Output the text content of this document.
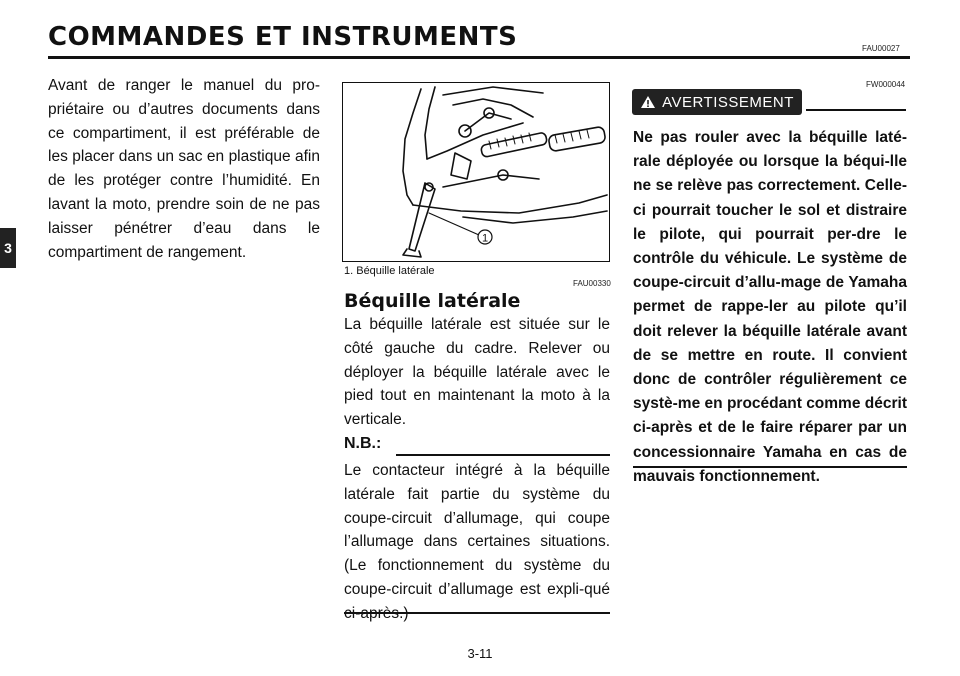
COMMANDES ET INSTRUMENTS	FAU00027
3
Avant de ranger le manuel du pro-priétaire ou d’autres documents dans ce compartiment, il est préférable de les placer dans un sac en plastique afin de les protéger contre l’humidité. En lavant la moto, prendre soin de ne pas laisser pénétrer d’eau dans le compartiment de rangement.
1
1. Béquille latérale
FAU00330
Béquille latérale
La béquille latérale est située sur le côté gauche du cadre. Relever ou déployer la béquille latérale avec le pied tout en maintenant la moto à la verticale.
N.B.:
Le contacteur intégré à la béquille latérale fait partie du système du coupe-circuit d’allumage, qui coupe l’allumage dans certaines situations. (Le fonctionnement du système du coupe-circuit d’allumage est expli-qué
FW000044
AVERTISSEMENT
Ne pas rouler avec la béquille laté-rale déployée ou lorsque la béqui-lle ne se relève pas correctement. Celle-ci pourrait toucher le sol et distraire le pilote, qui pourrait per-dre le contrôle du véhicule. Le système de coupe-circuit d’allu-mage de Yamaha permet de rappe-ler au pilote qu’il doit relever la béquille latérale avant de se mettre en route. Il convient donc de contrôler régulièrement ce systè-me en procédant comme décrit ci-après et de le faire réparer par un concessionnaire Yamaha en cas de mauvais fonctionnement.
3-11
